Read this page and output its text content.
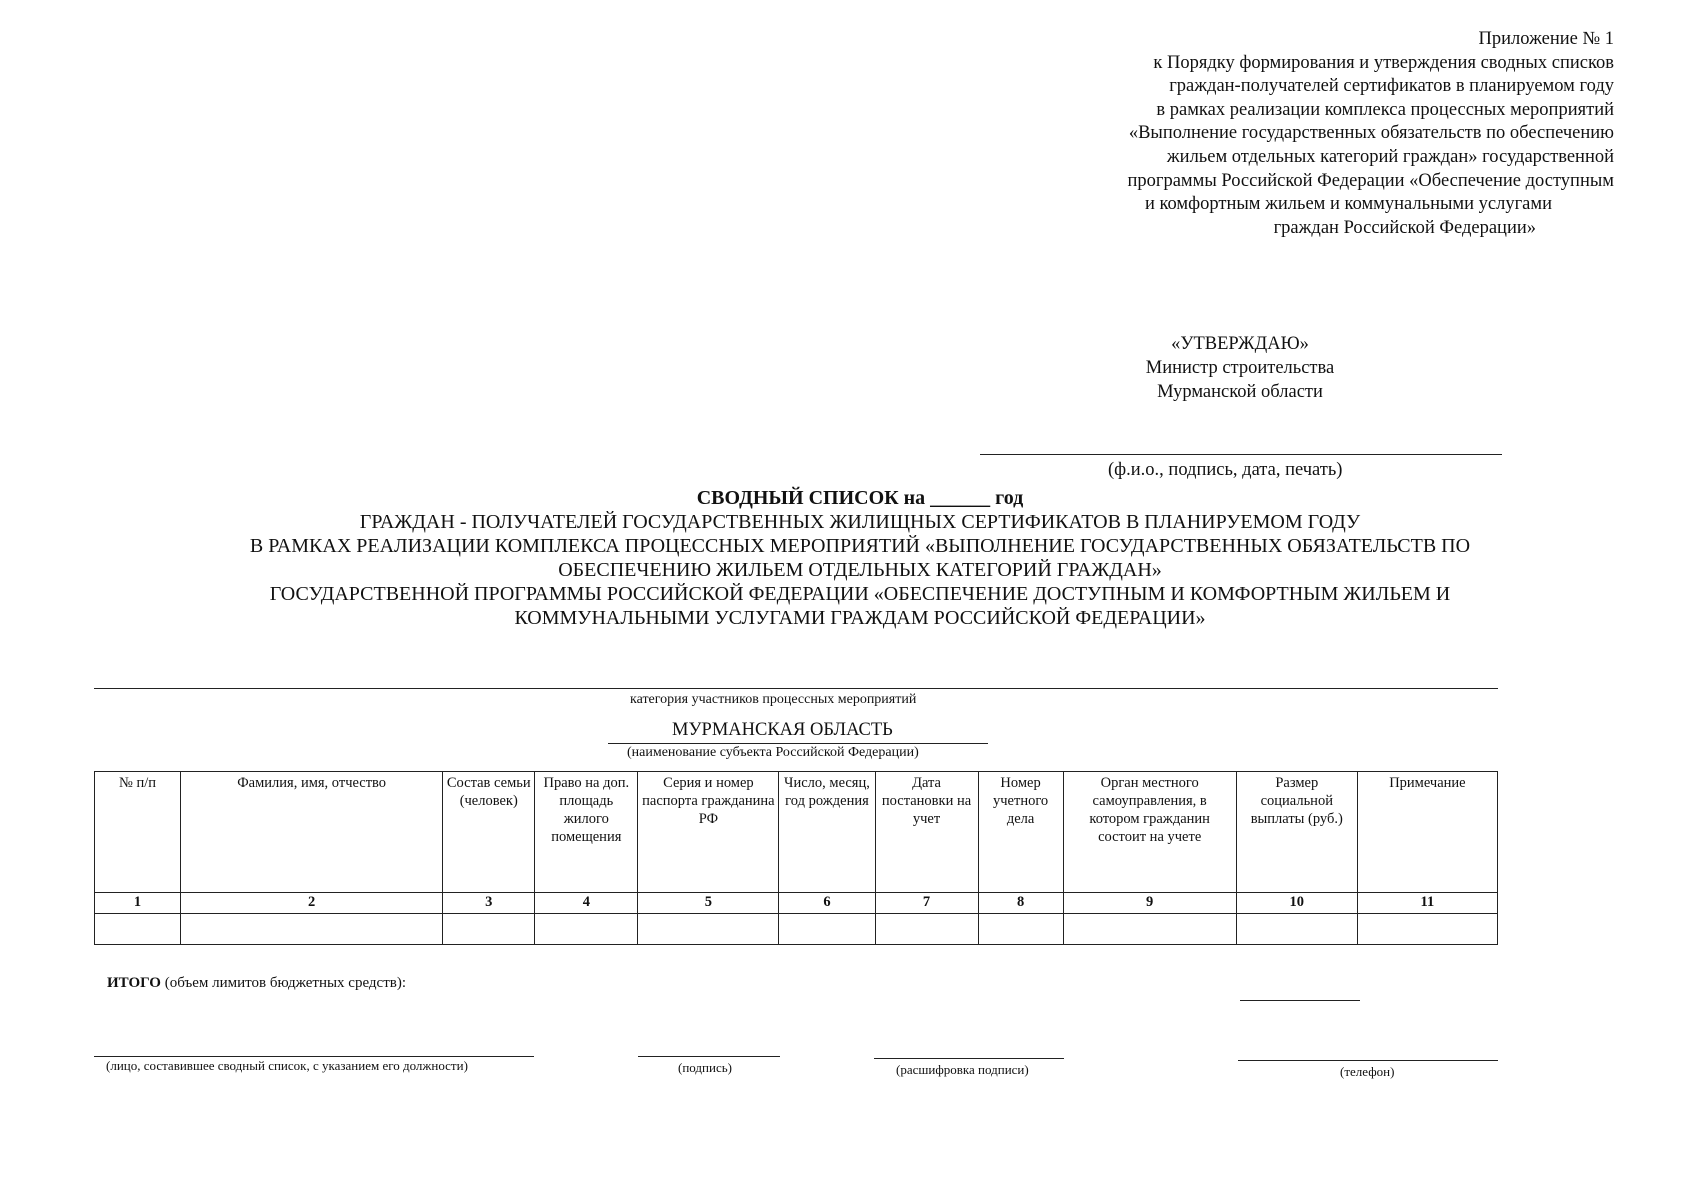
Приложение № 1
к Порядку формирования и утверждения сводных списков
граждан-получателей сертификатов в планируемом году
в рамках реализации комплекса процессных мероприятий
«Выполнение государственных обязательств по обеспечению
жильем отдельных категорий граждан» государственной
программы Российской Федерации «Обеспечение доступным
и комфортным жильем и коммунальными услугами
граждан Российской Федерации»
«УТВЕРЖДАЮ»
Министр строительства
Мурманской области
(ф.и.о., подпись, дата, печать)
СВОДНЫЙ СПИСОК на ______ год
ГРАЖДАН - ПОЛУЧАТЕЛЕЙ ГОСУДАРСТВЕННЫХ ЖИЛИЩНЫХ СЕРТИФИКАТОВ В ПЛАНИРУЕМОМ ГОДУ
В РАМКАХ РЕАЛИЗАЦИИ КОМПЛЕКСА ПРОЦЕССНЫХ МЕРОПРИЯТИЙ «ВЫПОЛНЕНИЕ ГОСУДАРСТВЕННЫХ ОБЯЗАТЕЛЬСТВ ПО
ОБЕСПЕЧЕНИЮ ЖИЛЬЕМ ОТДЕЛЬНЫХ КАТЕГОРИЙ ГРАЖДАН»
ГОСУДАРСТВЕННОЙ ПРОГРАММЫ РОССИЙСКОЙ ФЕДЕРАЦИИ «ОБЕСПЕЧЕНИЕ ДОСТУПНЫМ И КОМФОРТНЫМ ЖИЛЬЕМ И
КОММУНАЛЬНЫМИ УСЛУГАМИ ГРАЖДАМ РОССИЙСКОЙ ФЕДЕРАЦИИ»
категория участников процессных мероприятий
МУРМАНСКАЯ ОБЛАСТЬ
(наименование субъекта Российской Федерации)
№ п/п	Фамилия, имя, отчество	Состав семьи (человек)	Право на доп. площадь жилого помещения	Серия и номер паспорта гражданина РФ	Число, месяц, год рождения	Дата постановки на учет	Номер учетного дела	Орган местного самоуправления, в котором гражданин состоит на учете	Размер социальной выплаты (руб.)	Примечание
1	2	3	4	5	6	7	8	9	10	11

ИТОГО (объем лимитов бюджетных средств):
(лицо, составившее сводный список, с указанием его должности)	(подпись)	(расшифровка подписи)	(телефон)
